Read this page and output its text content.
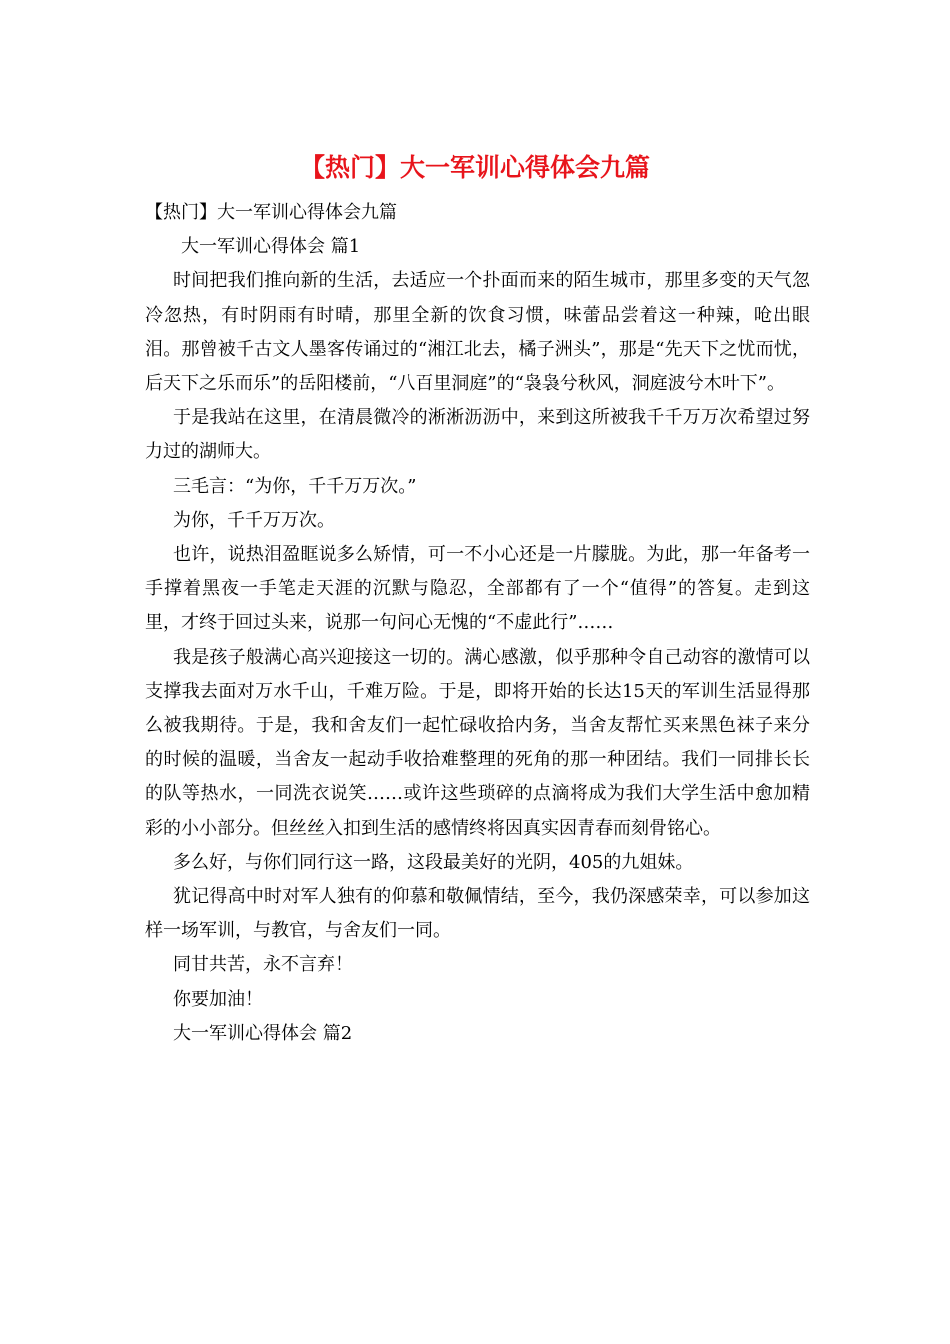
【热门】大一军训心得体会九篇

【热门】大一军训心得体会九篇

大一军训心得体会 篇1

时间把我们推向新的生活，去适应一个扑面而来的陌生城市，那里多变的天气忽冷忽热，有时阴雨有时晴，那里全新的饮食习惯，味蕾品尝着这一种辣，呛出眼泪。那曾被千古文人墨客传诵过的“湘江北去，橘子洲头”，那是“先天下之忧而忧，后天下之乐而乐”的岳阳楼前，“八百里洞庭”的“袅袅兮秋风，洞庭波兮木叶下”。

于是我站在这里，在清晨微冷的淅淅沥沥中，来到这所被我千千万万次希望过努力过的湖师大。

三毛言：“为你，千千万万次。”

为你，千千万万次。

也许，说热泪盈眶说多么矫情，可一不小心还是一片朦胧。为此，那一年备考一手撑着黑夜一手笔走天涯的沉默与隐忍，全部都有了一个“值得”的答复。走到这里，才终于回过头来，说那一句问心无愧的“不虚此行”……

我是孩子般满心高兴迎接这一切的。满心感激，似乎那种令自己动容的激情可以支撑我去面对万水千山，千难万险。于是，即将开始的长达15天的军训生活显得那么被我期待。于是，我和舍友们一起忙碌收拾内务，当舍友帮忙买来黑色袜子来分的时候的温暖，当舍友一起动手收拾难整理的死角的那一种团结。我们一同排长长的队等热水，一同洗衣说笑……或许这些琐碎的点滴将成为我们大学生活中愈加精彩的小小部分。但丝丝入扣到生活的感情终将因真实因青春而刻骨铭心。

多么好，与你们同行这一路，这段最美好的光阴，405的九姐妹。

犹记得高中时对军人独有的仰慕和敬佩情结，至今，我仍深感荣幸，可以参加这样一场军训，与教官，与舍友们一同。

同甘共苦，永不言弃！

你要加油！

大一军训心得体会 篇2
